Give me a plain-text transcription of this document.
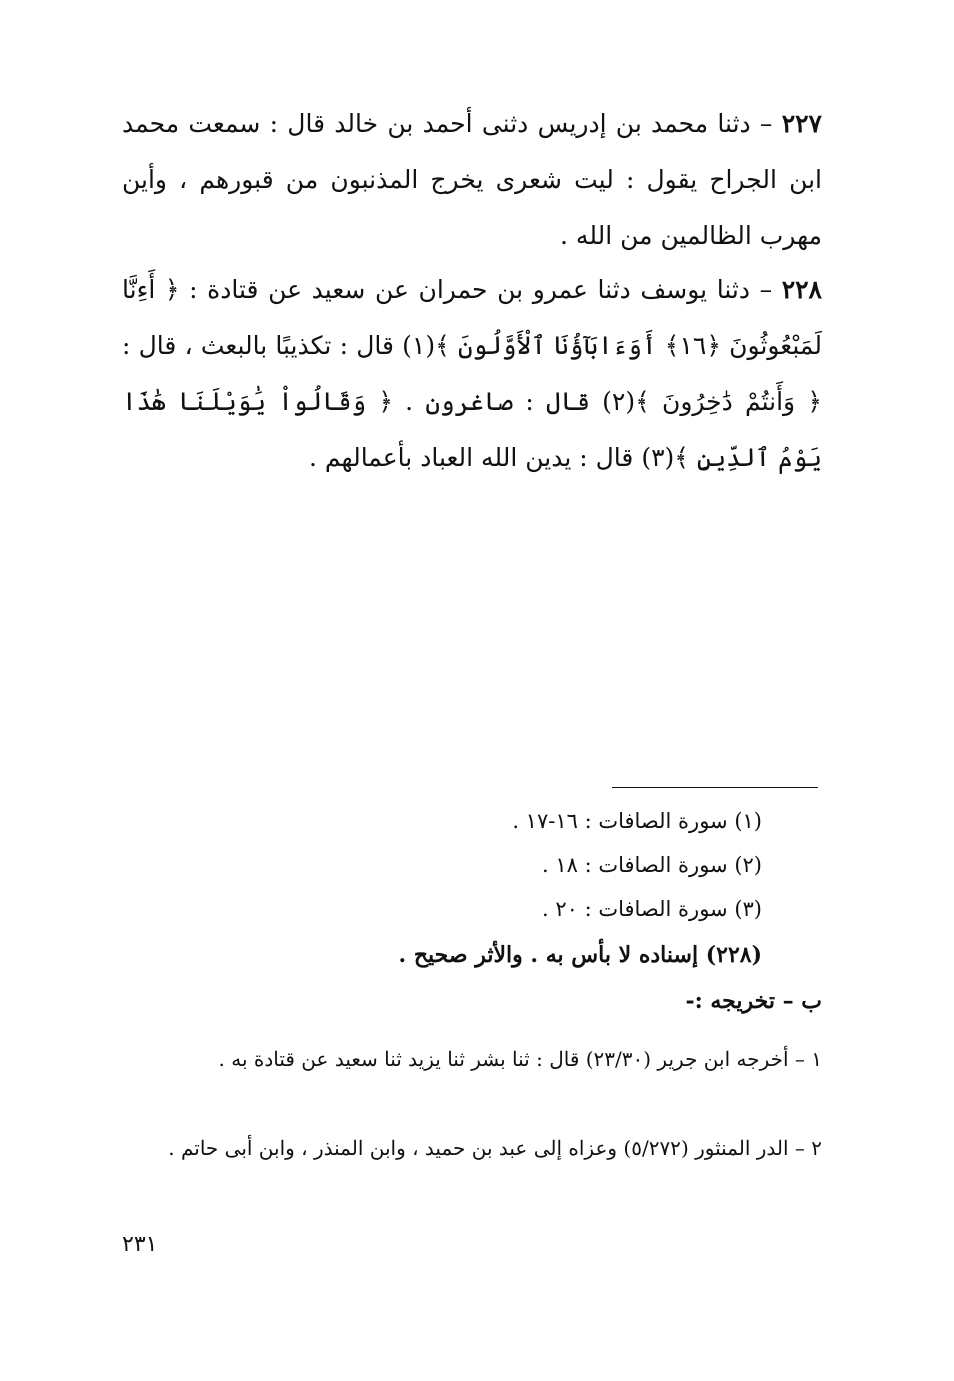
٢٢٧ – دثنا محمد بن إدريس دثنى أحمد بن خالد قال : سمعت محمد ابن الجراح يقول : ليت شعرى يخرج المذنبون من قبورهم ، وأين مهرب الظالمين من الله .
٢٢٨ – دثنا يوسف دثنا عمرو بن حمران عن سعيد عن قتادة : ﴿ أَءِنَّا لَمَبْعُوثُونَ ﴿١٦﴾ أَوَءَابَآؤُنَا ٱلْأَوَّلُونَ ﴾(١) قال : تكذيبًا بالبعث ، قال : ﴿ وَأَنتُمْ دَٰخِرُونَ ﴾(٢) قال : صاغرون . ﴿ وَقَالُواْ يَٰوَيْلَنَا هَٰذَا يَوْمُ ٱلدِّينِ ﴾(٣) قال : يدين الله العباد بأعمالهم .
(١) سورة الصافات : ١٦-١٧ .
(٢) سورة الصافات : ١٨ .
(٣) سورة الصافات : ٢٠ .
(٢٢٨) إسناده لا بأس به . والأثر صحيح .
ب – تخريجه :-
١ – أخرجه ابن جرير (٢٣/٣٠) قال : ثنا بشر ثنا يزيد ثنا سعيد عن قتادة به .
٢ – الدر المنثور (٥/٢٧٢) وعزاه إلى عبد بن حميد ، وابن المنذر ، وابن أبى حاتم .
٢٣١
